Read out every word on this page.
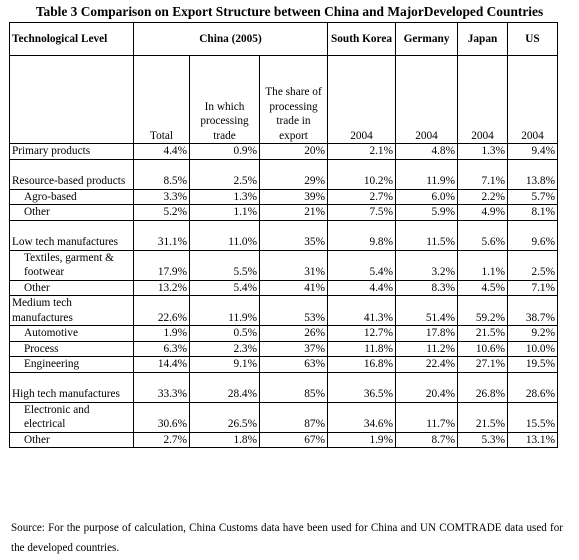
Table 3 Comparison on Export Structure between China and MajorDeveloped Countries
Technological Level	China (2005)			South Korea	Germany	Japan	US
	Total	In which processing trade	The share of processing trade in export	2004	2004	2004	2004
Primary products	4.4%	0.9%	20%	2.1%	4.8%	1.3%	9.4%
Resource-based products	8.5%	2.5%	29%	10.2%	11.9%	7.1%	13.8%
Agro-based	3.3%	1.3%	39%	2.7%	6.0%	2.2%	5.7%
Other	5.2%	1.1%	21%	7.5%	5.9%	4.9%	8.1%
Low tech manufactures	31.1%	11.0%	35%	9.8%	11.5%	5.6%	9.6%
Textiles, garment & footwear	17.9%	5.5%	31%	5.4%	3.2%	1.1%	2.5%
Other	13.2%	5.4%	41%	4.4%	8.3%	4.5%	7.1%
Medium tech manufactures	22.6%	11.9%	53%	41.3%	51.4%	59.2%	38.7%
Automotive	1.9%	0.5%	26%	12.7%	17.8%	21.5%	9.2%
Process	6.3%	2.3%	37%	11.8%	11.2%	10.6%	10.0%
Engineering	14.4%	9.1%	63%	16.8%	22.4%	27.1%	19.5%
High tech manufactures	33.3%	28.4%	85%	36.5%	20.4%	26.8%	28.6%
Electronic and electrical	30.6%	26.5%	87%	34.6%	11.7%	21.5%	15.5%
Other	2.7%	1.8%	67%	1.9%	8.7%	5.3%	13.1%
Source: For the purpose of calculation, China Customs data have been used for China and UN COMTRADE data used for the developed countries.
